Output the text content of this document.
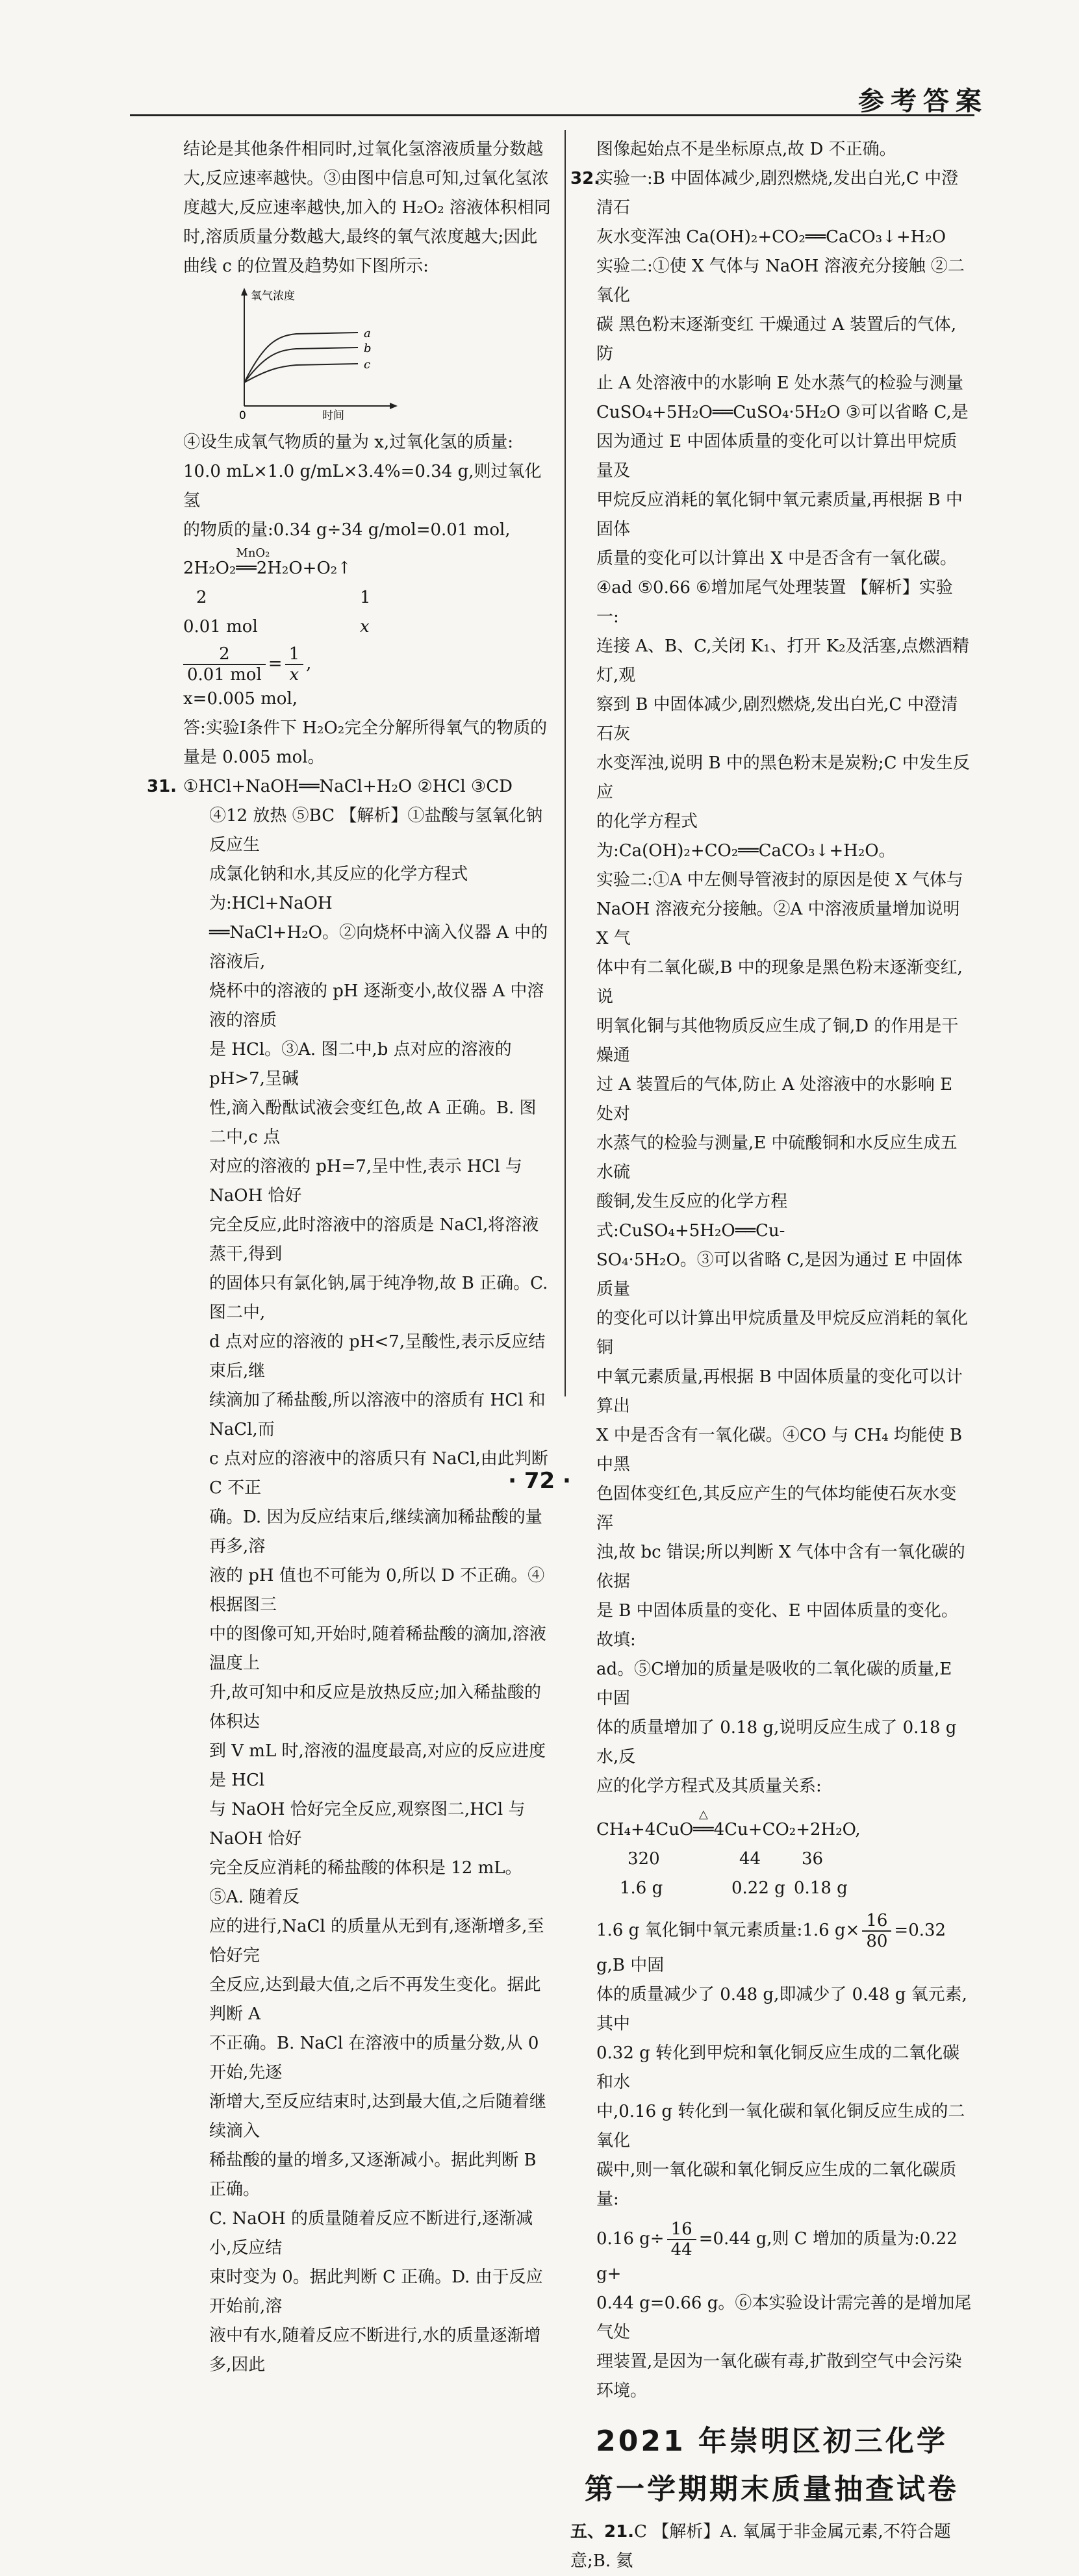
参考答案

结论是其他条件相同时,过氧化氢溶液质量分数越

大,反应速率越快。③由图中信息可知,过氧化氢浓

度越大,反应速率越快,加入的 H₂O₂ 溶液体积相同

时,溶质质量分数越大,最终的氧气浓度越大;因此

曲线 c 的位置及趋势如下图所示:

氧气浓度
0	时间
a
b
c

④设生成氧气物质的量为 x,过氧化氢的质量:

10.0 mL×1.0 g/mL×3.4%=0.34 g,则过氧化氢

的物质的量:0.34 g÷34 g/mol=0.01 mol,

2H₂O₂
MnO₂
══2H₂O+O₂↑

2	1
0.01 mol	x

$\frac{2}{\text{0.01 mol}} = \frac{1}{x}$ ,

x=0.005 mol,

答:实验Ⅰ条件下 H₂O₂完全分解所得氧气的物质的

量是 0.005 mol。

31. ①HCl+NaOH══NaCl+H₂O ②HCl ③CD

④12 放热 ⑤BC 【解析】①盐酸与氢氧化钠反应生

成氯化钠和水,其反应的化学方程式为:HCl+NaOH

══NaCl+H₂O。②向烧杯中滴入仪器 A 中的溶液后,

烧杯中的溶液的 pH 逐渐变小,故仪器 A 中溶液的溶质

是 HCl。③A. 图二中,b 点对应的溶液的 pH>7,呈碱

性,滴入酚酞试液会变红色,故 A 正确。B. 图二中,c 点

对应的溶液的 pH=7,呈中性,表示 HCl 与 NaOH 恰好

完全反应,此时溶液中的溶质是 NaCl,将溶液蒸干,得到

的固体只有氯化钠,属于纯净物,故 B 正确。C. 图二中,

d 点对应的溶液的 pH<7,呈酸性,表示反应结束后,继

续滴加了稀盐酸,所以溶液中的溶质有 HCl 和 NaCl,而

c 点对应的溶液中的溶质只有 NaCl,由此判断 C 不正

确。D. 因为反应结束后,继续滴加稀盐酸的量再多,溶

液的 pH 值也不可能为 0,所以 D 不正确。④根据图三

中的图像可知,开始时,随着稀盐酸的滴加,溶液温度上

升,故可知中和反应是放热反应;加入稀盐酸的体积达

到 V mL 时,溶液的温度最高,对应的反应进度是 HCl

与 NaOH 恰好完全反应,观察图二,HCl 与 NaOH 恰好

完全反应消耗的稀盐酸的体积是 12 mL。⑤A. 随着反

应的进行,NaCl 的质量从无到有,逐渐增多,至恰好完

全反应,达到最大值,之后不再发生变化。据此判断 A

不正确。B. NaCl 在溶液中的质量分数,从 0 开始,先逐

渐增大,至反应结束时,达到最大值,之后随着继续滴入

稀盐酸的量的增多,又逐渐减小。据此判断 B 正确。

C. NaOH 的质量随着反应不断进行,逐渐减小,反应结

束时变为 0。据此判断 C 正确。D. 由于反应开始前,溶

液中有水,随着反应不断进行,水的质量逐渐增多,因此

图像起始点不是坐标原点,故 D 不正确。

32.实验一:B 中固体减少,剧烈燃烧,发出白光,C 中澄清石

灰水变浑浊 Ca(OH)₂+CO₂══CaCO₃↓+H₂O

实验二:①使 X 气体与 NaOH 溶液充分接触 ②二氧化

碳 黑色粉末逐渐变红 干燥通过 A 装置后的气体,防

止 A 处溶液中的水影响 E 处水蒸气的检验与测量

CuSO₄+5H₂O══CuSO₄·5H₂O ③可以省略 C,是

因为通过 E 中固体质量的变化可以计算出甲烷质量及

甲烷反应消耗的氧化铜中氧元素质量,再根据 B 中固体

质量的变化可以计算出 X 中是否含有一氧化碳。

④ad ⑤0.66 ⑥增加尾气处理装置 【解析】实验一:

连接 A、B、C,关闭 K₁、打开 K₂及活塞,点燃酒精灯,观

察到 B 中固体减少,剧烈燃烧,发出白光,C 中澄清石灰

水变浑浊,说明 B 中的黑色粉末是炭粉;C 中发生反应

的化学方程式为:Ca(OH)₂+CO₂══CaCO₃↓+H₂O。

实验二:①A 中左侧导管液封的原因是使 X 气体与

NaOH 溶液充分接触。②A 中溶液质量增加说明 X 气

体中有二氧化碳,B 中的现象是黑色粉末逐渐变红,说

明氧化铜与其他物质反应生成了铜,D 的作用是干燥通

过 A 装置后的气体,防止 A 处溶液中的水影响 E 处对

水蒸气的检验与测量,E 中硫酸铜和水反应生成五水硫

酸铜,发生反应的化学方程式:CuSO₄+5H₂O══Cu-

SO₄·5H₂O。③可以省略 C,是因为通过 E 中固体质量

的变化可以计算出甲烷质量及甲烷反应消耗的氧化铜

中氧元素质量,再根据 B 中固体质量的变化可以计算出

X 中是否含有一氧化碳。④CO 与 CH₄ 均能使 B 中黑

色固体变红色,其反应产生的气体均能使石灰水变浑

浊,故 bc 错误;所以判断 X 气体中含有一氧化碳的依据

是 B 中固体质量的变化、E 中固体质量的变化。故填:

ad。⑤C增加的质量是吸收的二氧化碳的质量,E 中固

体的质量增加了 0.18 g,说明反应生成了 0.18 g 水,反

应的化学方程式及其质量关系:

CH₄+4CuO
△
══4Cu+CO₂+2H₂O,

320	44	36
1.6 g	0.22 g 0.18 g

1.6 g 氧化铜中氧元素质量:1.6 $g\times \frac{16}{80} =0.32$ g,B 中固

体的质量减少了 0.48 g,即减少了 0.48 g 氧元素,其中

0.32 g 转化到甲烷和氧化铜反应生成的二氧化碳和水

中,0.16 g 转化到一氧化碳和氧化铜反应生成的二氧化

碳中,则一氧化碳和氧化铜反应生成的二氧化碳质量:

0.16 $g\div \frac{16}{44} =0.44$ g,则 C 增加的质量为:0.22 g+

0.44 g=0.66 g。⑥本实验设计需完善的是增加尾气处

理装置,是因为一氧化碳有毒,扩散到空气中会污染

环境。

2021 年崇明区初三化学
第一学期期末质量抽查试卷

五、21.C 【解析】A. 氧属于非金属元素,不符合题意;B. 氦

· 72 ·
